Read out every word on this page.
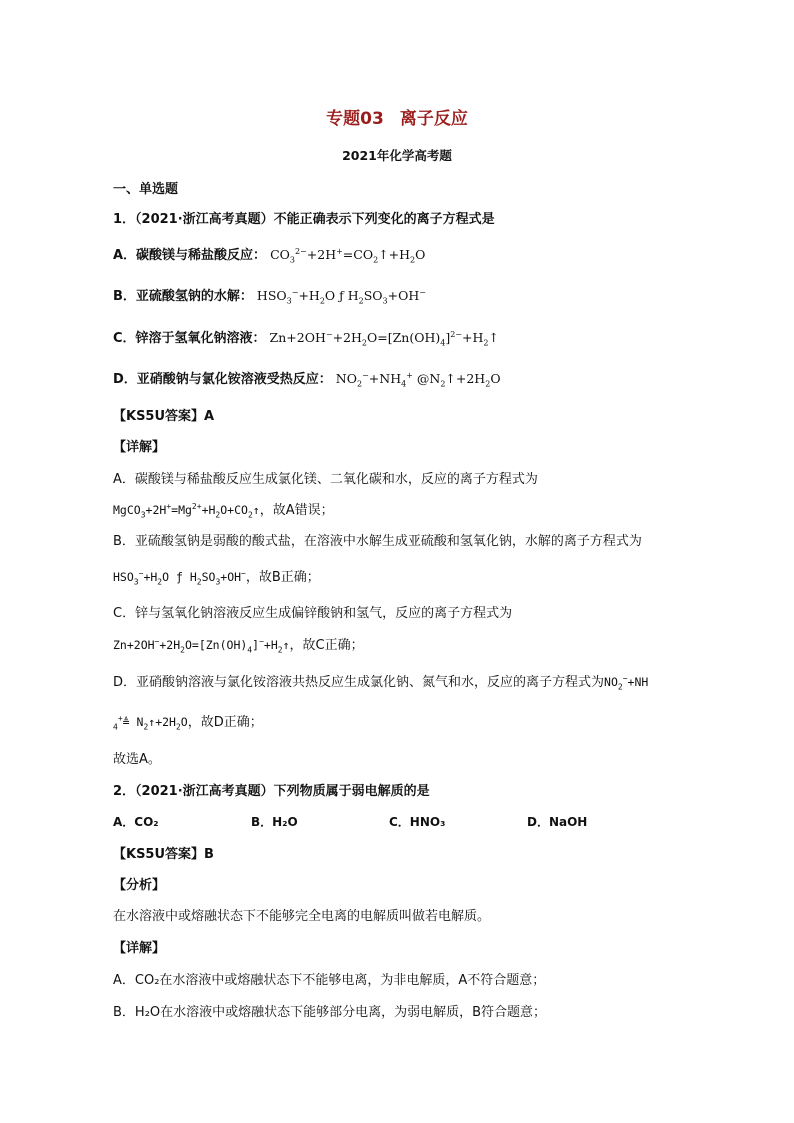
专题03 离子反应
2021年化学高考题
一、单选题
1．（2021·浙江高考真题）不能正确表示下列变化的离子方程式是
A．碳酸镁与稀盐酸反应： $CO_3^{2-}+2H^+=CO_2↑+H_2O$
B．亚硫酸氢钠的水解： $HSO_3^-+H_2O$ ƒ $H_2SO_3+OH^-$
C．锌溶于氢氧化钠溶液： $Zn+2OH^-+2H_2O=[Zn(OH)_4]^{2-}+H_2↑$
D．亚硝酸钠与氯化铵溶液受热反应： $NO_2^-+NH_4^+$ $@N_2↑+2H_2O$
【KS5U答案】A
【详解】
A．碳酸镁与稀盐酸反应生成氯化镁、二氧化碳和水，反应的离子方程式为
$MgCO_3+2H^+=Mg^{2+}+H_2O+CO_2↑$，故A错误；
B．亚硫酸氢钠是弱酸的酸式盐，在溶液中水解生成亚硫酸和氢氧化钠，水解的离子方程式为
$HSO_3^-+H_2O$ ƒ $H_2SO_3+OH^-$，故B正确；
C．锌与氢氧化钠溶液反应生成偏锌酸钠和氢气，反应的离子方程式为
$Zn+2OH^-+2H_2O=[Zn(OH)_4]^-+H_2↑$，故C正确；
D．亚硝酸钠溶液与氯化铵溶液共热反应生成氯化钠、氮气和水，反应的离子方程式为$NO_2^-+NH$
$_4$+≜ $N_2↑+2H_2O$，故D正确；
故选A。
2．（2021·浙江高考真题）下列物质属于弱电解质的是
A．CO₂	B．H₂O	C．HNO₃	D．NaOH
【KS5U答案】B
【分析】
在水溶液中或熔融状态下不能够完全电离的电解质叫做若电解质。
【详解】
A．CO₂在水溶液中或熔融状态下不能够电离，为非电解质，A不符合题意；
B．H₂O在水溶液中或熔融状态下能够部分电离，为弱电解质，B符合题意；
